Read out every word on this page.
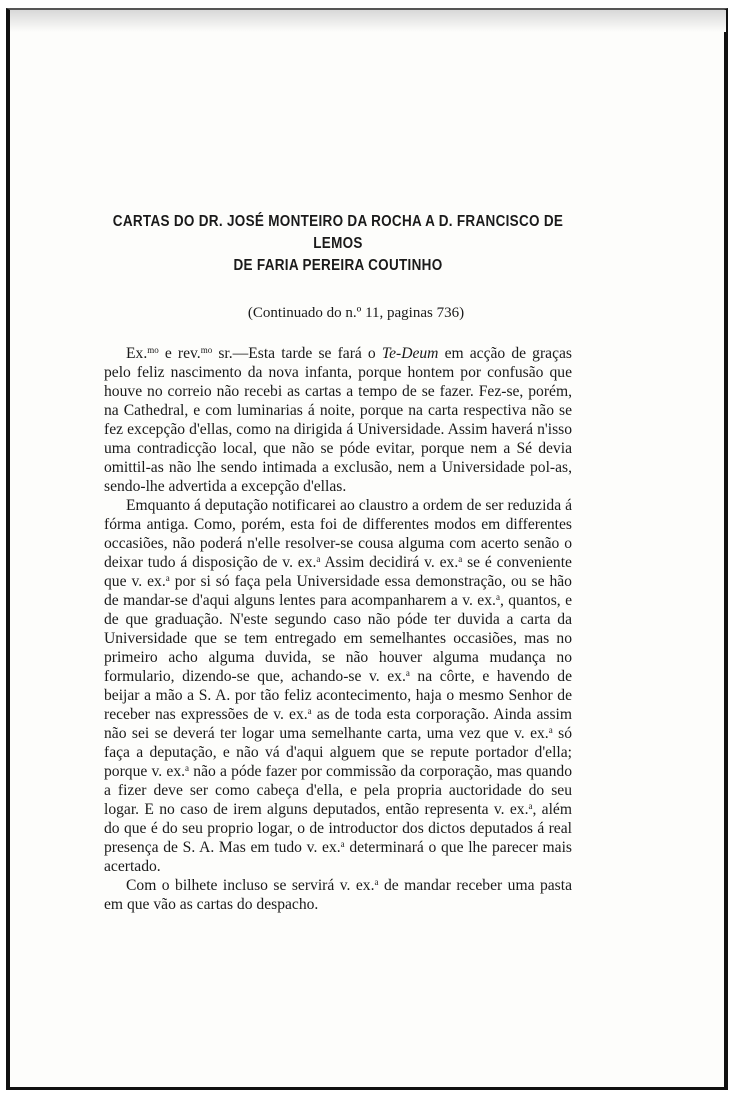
CARTAS DO DR. JOSÉ MONTEIRO DA ROCHA A D. FRANCISCO DE LEMOS
DE FARIA PEREIRA COUTINHO
(Continuado do n.º 11, paginas 736)

Ex.$^{mo}$ e rev.$^{mo}$ sr.—Esta tarde se fará o Te-Deum em acção de graças pelo feliz nascimento da nova infanta, porque hontem por confusão que houve no correio não recebi as cartas a tempo de se fazer. Fez-se, porém, na Cathedral, e com luminarias á noite, porque na carta respectiva não se fez excepção d'ellas, como na dirigida á Universidade. Assim haverá n'isso uma contradicção local, que não se póde evitar, porque nem a Sé devia omittil-as não lhe sendo intimada a exclusão, nem a Universidade pol-as, sendo-lhe advertida a excepção d'ellas.

Emquanto á deputação notificarei ao claustro a ordem de ser reduzida á fórma antiga. Como, porém, esta foi de differentes modos em differentes occasiões, não poderá n'elle resolver-se cousa alguma com acerto senão o deixar tudo á disposição de v. ex.$^a$ Assim decidirá v. ex.$^a$ se é conveniente que v. ex.$^a$ por si só faça pela Universidade essa demonstração, ou se hão de mandar-se d'aqui alguns lentes para acompanharem a v. ex.$^a$, quantos, e de que graduação. N'este segundo caso não póde ter duvida a carta da Universidade que se tem entregado em semelhantes occasiões, mas no primeiro acho alguma duvida, se não houver alguma mudança no formulario, dizendo-se que, achando-se v. ex.$^a$ na côrte, e havendo de beijar a mão a S. A. por tão feliz acontecimento, haja o mesmo Senhor de receber nas expressões de v. ex.$^a$ as de toda esta corporação. Ainda assim não sei se deverá ter logar uma semelhante carta, uma vez que v. ex.$^a$ só faça a deputação, e não vá d'aqui alguem que se repute portador d'ella; porque v. ex.$^a$ não a póde fazer por commissão da corporação, mas quando a fizer deve ser como cabeça d'ella, e pela propria auctoridade do seu logar. E no caso de irem alguns deputados, então representa v. ex.$^a$, além do que é do seu proprio logar, o de introductor dos dictos deputados á real presença de S. A. Mas em tudo v. ex.$^a$ determinará o que lhe parecer mais acertado.

Com o bilhete incluso se servirá v. ex.$^a$ de mandar receber uma pasta em que vão as cartas do despacho.
